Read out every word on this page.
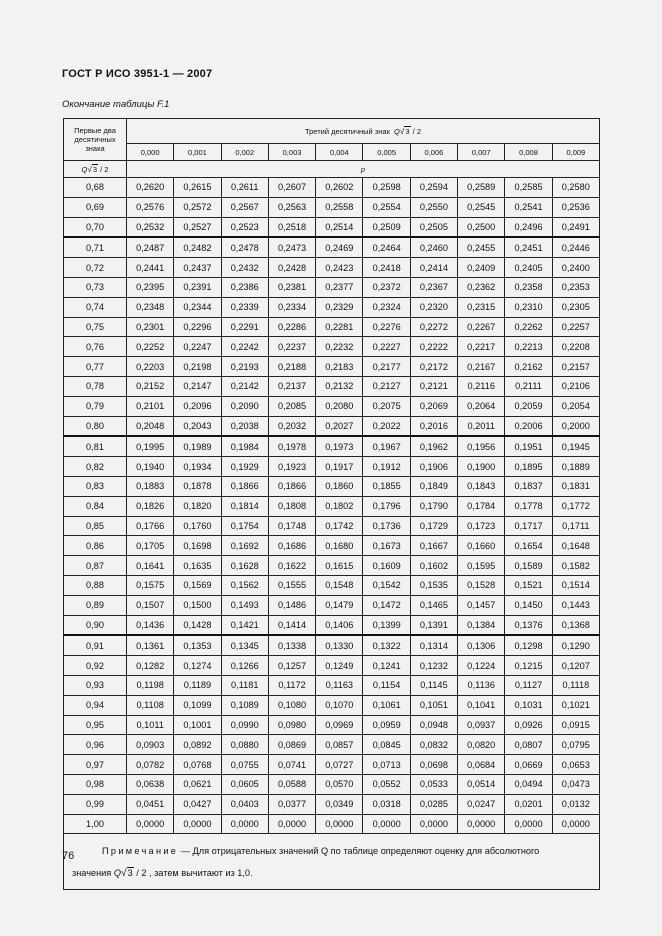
ГОСТ Р ИСО 3951-1 — 2007
Окончание таблицы F.1
Первые два
десятичных
знака	Третий десятичный знак Q√3 / 2									
	0,000	0,001	0,002	0,003	0,004	0,005	0,006	0,007	0,008	0,009
Q√3 / 2	p									
0,68	0,2620	0,2615	0,2611	0,2607	0,2602	0,2598	0,2594	0,2589	0,2585	0,2580
0,69	0,2576	0,2572	0,2567	0,2563	0,2558	0,2554	0,2550	0,2545	0,2541	0,2536
0,70	0,2532	0,2527	0,2523	0,2518	0,2514	0,2509	0,2505	0,2500	0,2496	0,2491
0,71	0,2487	0,2482	0,2478	0,2473	0,2469	0,2464	0,2460	0,2455	0,2451	0,2446
0,72	0,2441	0,2437	0,2432	0,2428	0,2423	0,2418	0,2414	0,2409	0,2405	0,2400
0,73	0,2395	0,2391	0,2386	0,2381	0,2377	0,2372	0,2367	0,2362	0,2358	0,2353
0,74	0,2348	0,2344	0,2339	0,2334	0,2329	0,2324	0,2320	0,2315	0,2310	0,2305
0,75	0,2301	0,2296	0,2291	0,2286	0,2281	0,2276	0,2272	0,2267	0,2262	0,2257
0,76	0,2252	0,2247	0,2242	0,2237	0,2232	0,2227	0,2222	0,2217	0,2213	0,2208
0,77	0,2203	0,2198	0,2193	0,2188	0,2183	0,2177	0,2172	0,2167	0,2162	0,2157
0,78	0,2152	0,2147	0,2142	0,2137	0,2132	0,2127	0,2121	0,2116	0,2111	0,2106
0,79	0,2101	0,2096	0,2090	0,2085	0,2080	0,2075	0,2069	0,2064	0,2059	0,2054
0,80	0,2048	0,2043	0,2038	0,2032	0,2027	0,2022	0,2016	0,2011	0,2006	0,2000
0,81	0,1995	0,1989	0,1984	0,1978	0,1973	0,1967	0,1962	0,1956	0,1951	0,1945
0,82	0,1940	0,1934	0,1929	0,1923	0,1917	0,1912	0,1906	0,1900	0,1895	0,1889
0,83	0,1883	0,1878	0,1866	0,1866	0,1860	0,1855	0,1849	0,1843	0,1837	0,1831
0,84	0,1826	0,1820	0,1814	0,1808	0,1802	0,1796	0,1790	0,1784	0,1778	0,1772
0,85	0,1766	0,1760	0,1754	0,1748	0,1742	0,1736	0,1729	0,1723	0,1717	0,1711
0,86	0,1705	0,1698	0,1692	0,1686	0,1680	0,1673	0,1667	0,1660	0,1654	0,1648
0,87	0,1641	0,1635	0,1628	0,1622	0,1615	0,1609	0,1602	0,1595	0,1589	0,1582
0,88	0,1575	0,1569	0,1562	0,1555	0,1548	0,1542	0,1535	0,1528	0,1521	0,1514
0,89	0,1507	0,1500	0,1493	0,1486	0,1479	0,1472	0,1465	0,1457	0,1450	0,1443
0,90	0,1436	0,1428	0,1421	0,1414	0,1406	0,1399	0,1391	0,1384	0,1376	0,1368
0,91	0,1361	0,1353	0,1345	0,1338	0,1330	0,1322	0,1314	0,1306	0,1298	0,1290
0,92	0,1282	0,1274	0,1266	0,1257	0,1249	0,1241	0,1232	0,1224	0,1215	0,1207
0,93	0,1198	0,1189	0,1181	0,1172	0,1163	0,1154	0,1145	0,1136	0,1127	0,1118
0,94	0,1108	0,1099	0,1089	0,1080	0,1070	0,1061	0,1051	0,1041	0,1031	0,1021
0,95	0,1011	0,1001	0,0990	0,0980	0,0969	0,0959	0,0948	0,0937	0,0926	0,0915
0,96	0,0903	0,0892	0,0880	0,0869	0,0857	0,0845	0,0832	0,0820	0,0807	0,0795
0,97	0,0782	0,0768	0,0755	0,0741	0,0727	0,0713	0,0698	0,0684	0,0669	0,0653
0,98	0,0638	0,0621	0,0605	0,0588	0,0570	0,0552	0,0533	0,0514	0,0494	0,0473
0,99	0,0451	0,0427	0,0403	0,0377	0,0349	0,0318	0,0285	0,0247	0,0201	0,0132
1,00	0,0000	0,0000	0,0000	0,0000	0,0000	0,0000	0,0000	0,0000	0,0000	0,0000

Примечание — Для отрицательных значений Q по таблице определяют оценку для абсолютного
значения Q√3 / 2 , затем вычитают из 1,0.										
76
